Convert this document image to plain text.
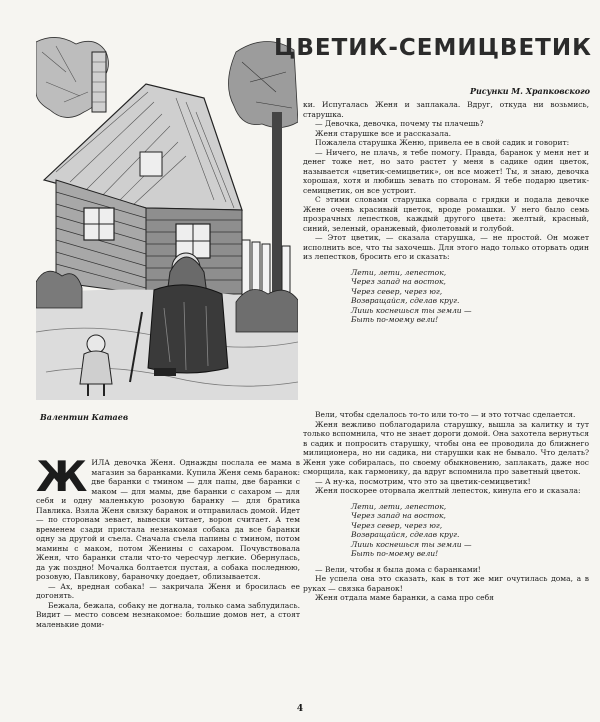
ЦВЕТИК-СЕМИЦВЕТИК
Рисунки М. Храпковского
Валентин Катаев

ки. Испугалась Женя и заплакала. Вдруг, откуда ни возьмись, старушка.

— Девочка, девочка, почему ты плачешь?

Женя старушке все и рассказала.

Пожалела старушка Женю, привела ее в свой садик и говорит:

— Ничего, не плачь, я тебе помогу. Правда, баранок у меня нет и денег тоже нет, но зато растет у меня в садике один цветок, называется «цветик-семицветик», он все может! Ты, я знаю, девочка хорошая, хотя и любишь зевать по сторонам. Я тебе подарю цветик-семицветик, он все устроит.

С этими словами старушка сорвала с грядки и подала девочке Жене очень красивый цветок, вроде ромашки. У него было семь прозрачных лепестков, каждый другого цвета: желтый, красный, синий, зеленый, оранжевый, фиолетовый и голубой.

— Этот цветик, — сказала старушка, — не простой. Он может исполнить все, что ты захочешь. Для этого надо только оторвать один из лепестков, бросить его и сказать:

Лети, лети, лепесток,
Через запад на восток,
Через север, через юг,
Возвращайся, сделав круг.
Лишь коснешься ты земли —
Быть по-моему вели!

ЖИЛА девочка Женя. Однажды послала ее мама в магазин за баранками. Купила Женя семь баранок: две баранки с тмином — для папы, две баранки с маком — для мамы, две баранки с сахаром — для себя и одну маленькую розовую баранку — для братика Павлика. Взяла Женя связку баранок и отправилась домой. Идет — по сторонам зевает, вывески читает, ворон считает. А тем временем сзади пристала незнакомая собака да все баранки одну за другой и съела. Сначала съела папины с тмином, потом мамины с маком, потом Женины с сахаром. Почувствовала Женя, что баранки стали что-то чересчур легкие. Обернулась, да уж поздно! Мочалка болтается пустая, а собака последнюю, розовую, Павликову, бараночку доедает, облизывается.

— Ах, вредная собака! — закричала Женя и бросилась ее догонять.

Бежала, бежала, собаку не догнала, только сама заблудилась. Видит — место совсем незнакомое: большие домов нет, а стоят маленькие доми-

Вели, чтобы сделалось то-то или то-то — и это тотчас сделается.

Женя вежливо поблагодарила старушку, вышла за калитку и тут только вспомнила, что не знает дороги домой. Она захотела вернуться в садик и попросить старушку, чтобы она ее проводила до ближнего милиционера, но ни садика, ни старушки как не бывало. Что делать? Женя уже собиралась, по своему обыкновению, заплакать, даже нос сморщила, как гармонику, да вдруг вспомнила про заветный цветок.

— А ну-ка, посмотрим, что это за цветик-семицветик!

Женя поскорее оторвала желтый лепесток, кинула его и сказала:

Лети, лети, лепесток,
Через запад на восток,
Через север, через юг,
Возвращайся, сделав круг.
Лишь коснешься ты земли —
Быть по-моему вели!

— Вели, чтобы я была дома с баранками!

Не успела она это сказать, как в тот же миг очутилась дома, а в руках — связка баранок!

Женя отдала маме баранки, а сама про себя

4
